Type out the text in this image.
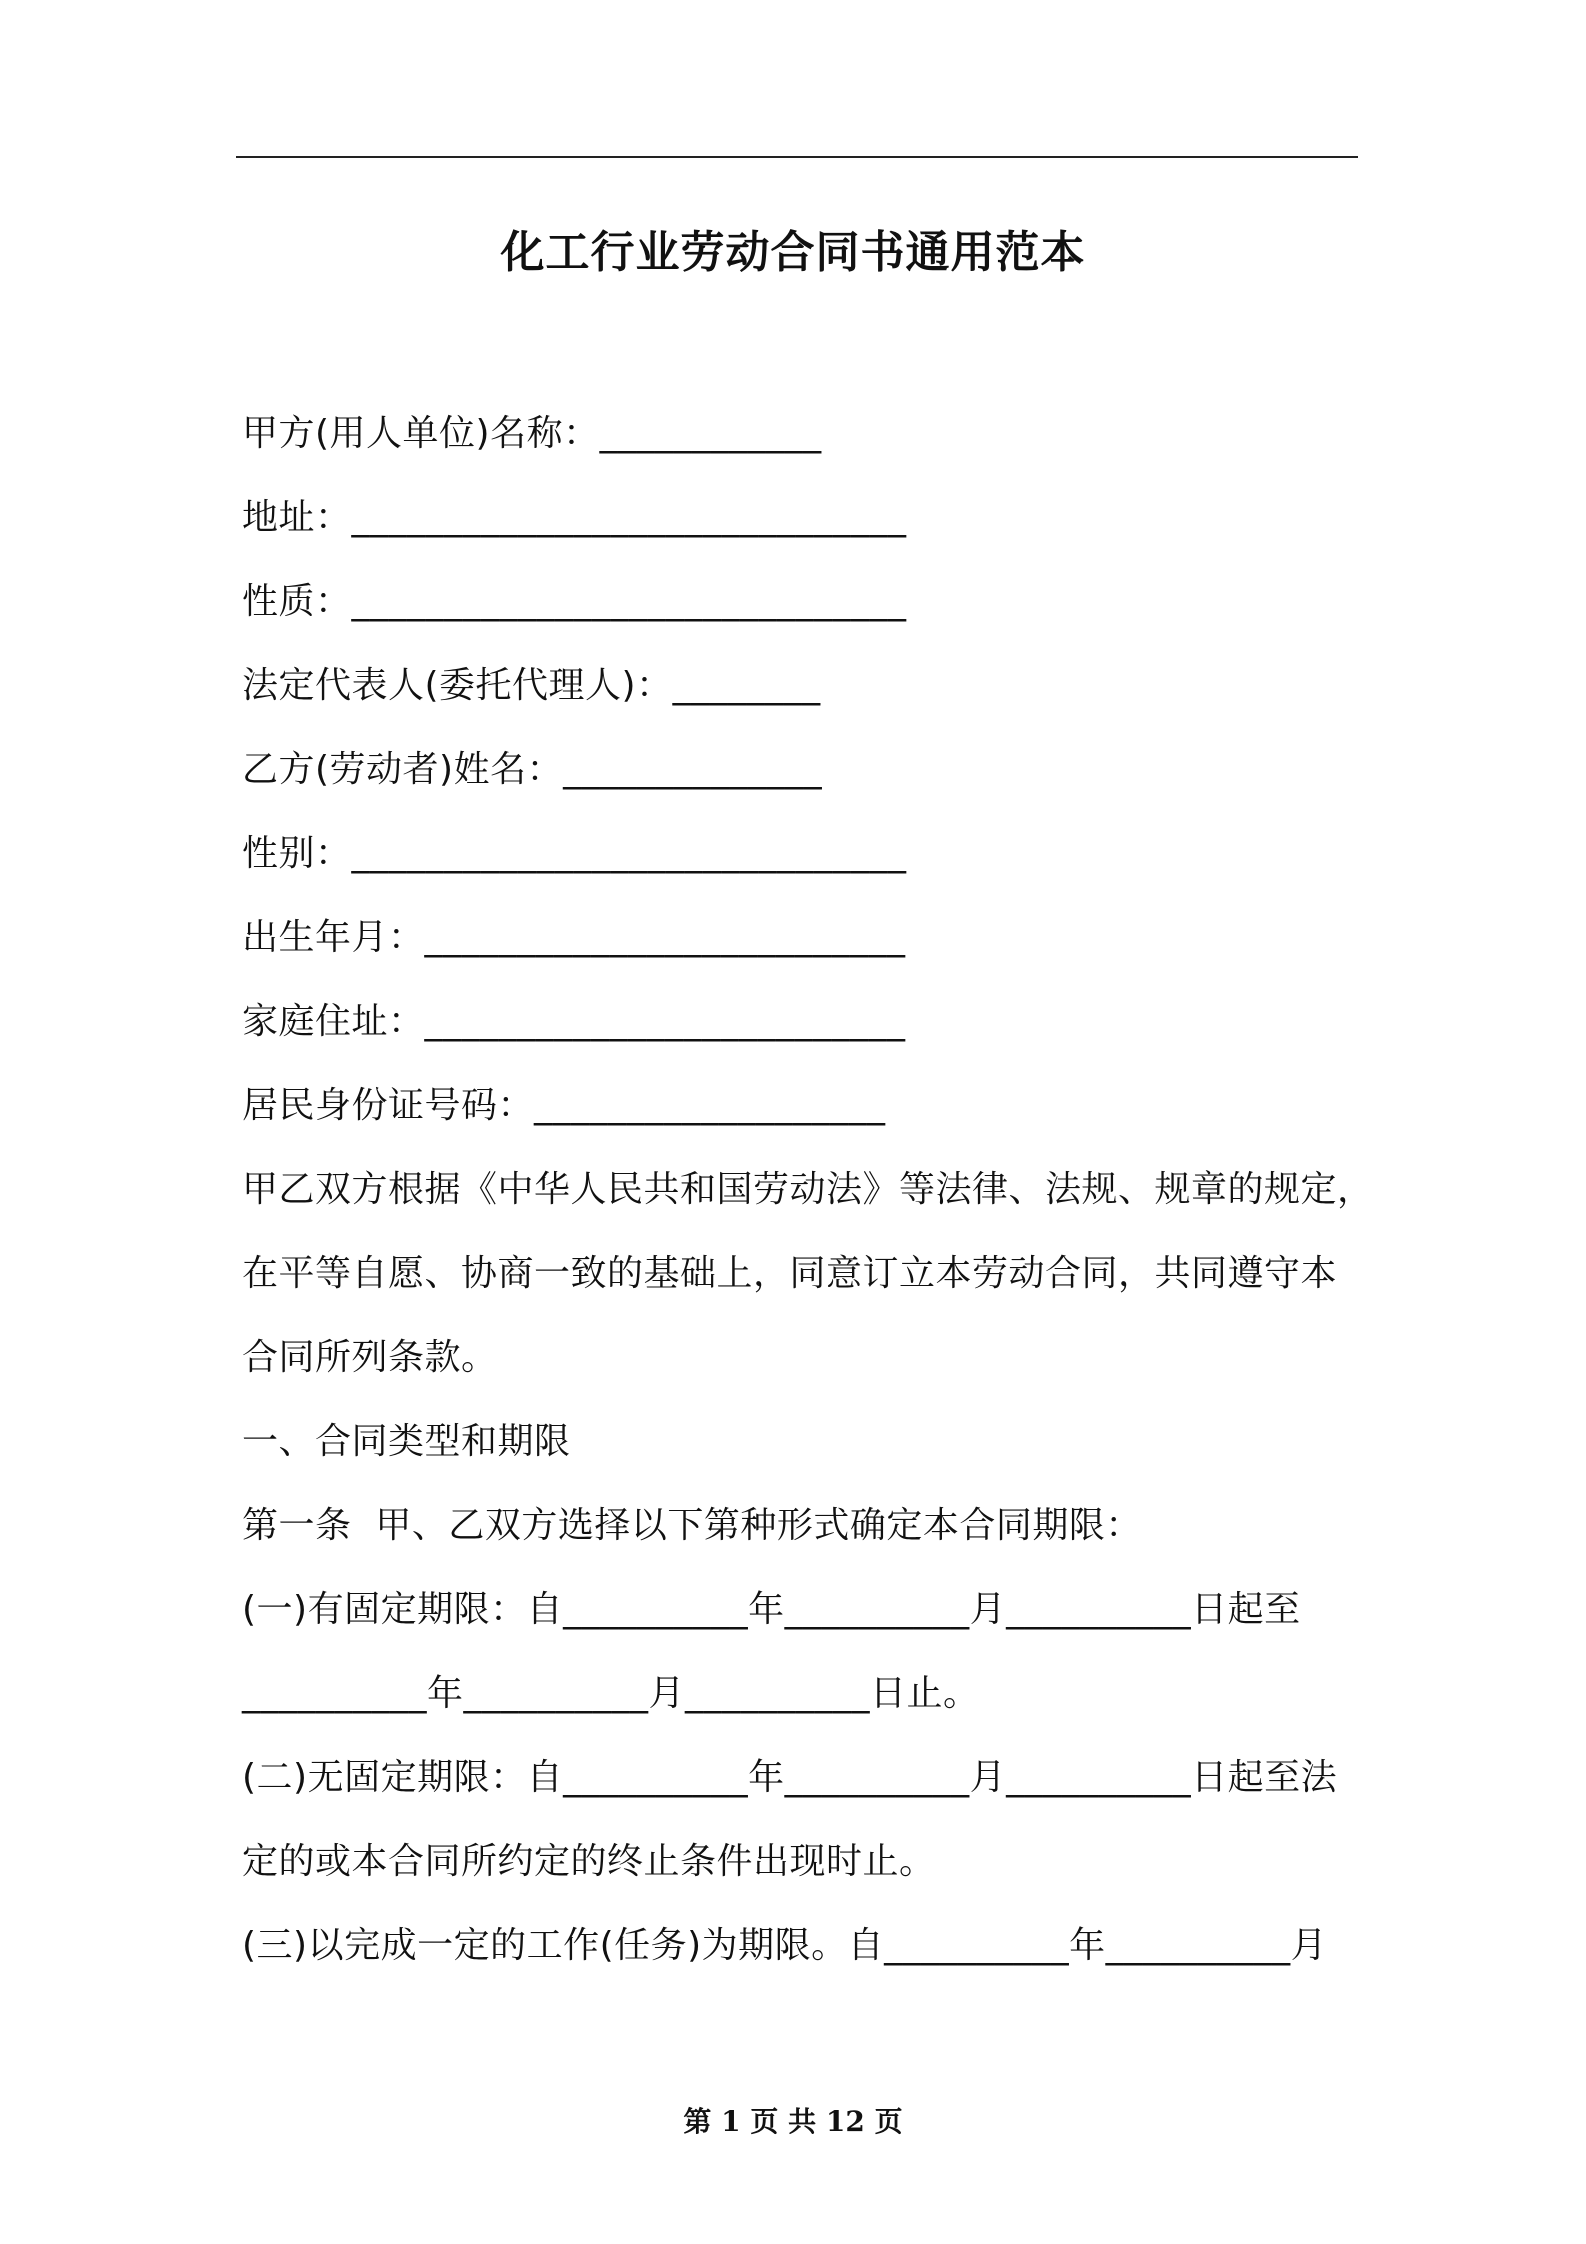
化工行业劳动合同书通用范本
甲方(用人单位)名称：____________
地址：______________________________
性质：______________________________
法定代表人(委托代理人)：________
乙方(劳动者)姓名：______________
性别：______________________________
出生年月：__________________________
家庭住址：__________________________
居民身份证号码：___________________
甲乙双方根据《中华人民共和国劳动法》等法律、法规、规章的规定，
在平等自愿、协商一致的基础上，同意订立本劳动合同，共同遵守本
合同所列条款。
一、合同类型和期限
第一条  甲、乙双方选择以下第种形式确定本合同期限：
(一)有固定期限：自__________年__________月__________日起至
__________年__________月__________日止。
(二)无固定期限：自__________年__________月__________日起至法
定的或本合同所约定的终止条件出现时止。
(三)以完成一定的工作(任务)为期限。自__________年__________月
第 1 页 共 12 页
